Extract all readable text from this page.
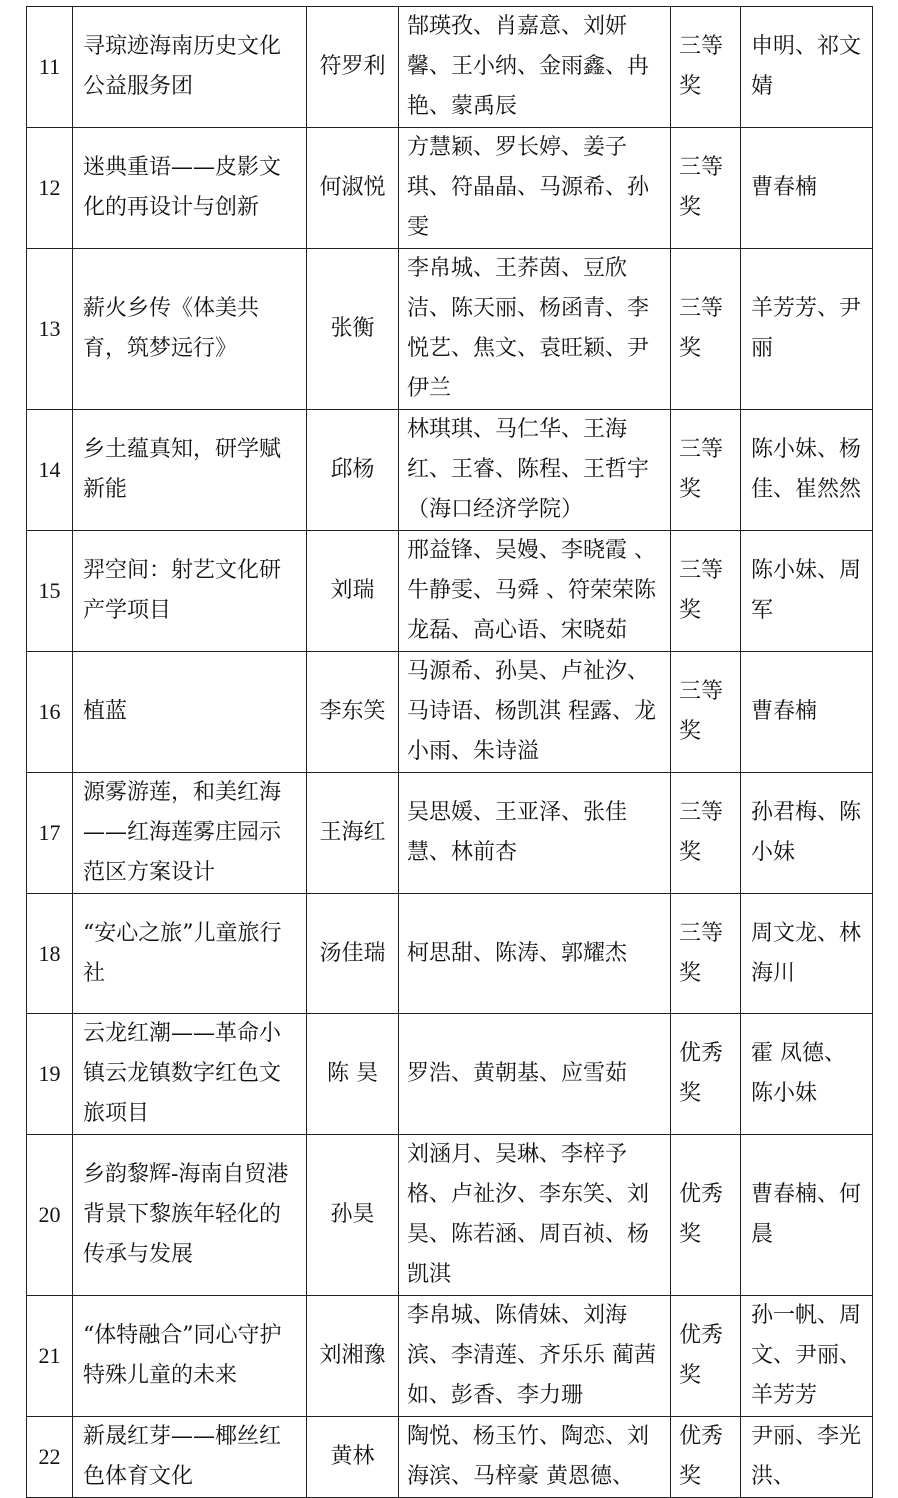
11	寻琼迹海南历史文化公益服务团	符罗利	郜瑛孜、肖嘉意、刘妍馨、王小纳、金雨鑫、冉艳、蒙禹辰	三等奖	申明、祁文婧
12	迷典重语——皮影文化的再设计与创新	何淑悦	方慧颖、罗长婷、姜子琪、符晶晶、马源希、孙雯	三等奖	曹春楠
13	薪火乡传《体美共育，筑梦远行》	张衡	李帛城、王荞茵、豆欣洁、陈天丽、杨函青、李悦艺、焦文、袁旺颖、尹伊兰	三等奖	羊芳芳、尹丽
14	乡土蕴真知，研学赋新能	邱杨	林琪琪、马仁华、王海红、王睿、陈程、王哲宇（海口经济学院）	三等奖	陈小妹、杨佳、崔然然
15	羿空间：射艺文化研产学项目	刘瑞	邢益锋、吴嫚、李晓霞 、牛静雯、马舜 、符荣荣陈龙磊、高心语、宋晓茹	三等奖	陈小妹、周军
16	植蓝	李东笑	马源希、孙昊、卢祉汐、马诗语、杨凯淇 程露、龙小雨、朱诗溢	三等奖	曹春楠
17	源雾游莲，和美红海——红海莲雾庄园示范区方案设计	王海红	吴思媛、王亚泽、张佳慧、林前杏	三等奖	孙君梅、陈小妹
18	“安心之旅”儿童旅行社	汤佳瑞	柯思甜、陈涛、郭耀杰	三等奖	周文龙、林海川
19	云龙红潮——革命小镇云龙镇数字红色文旅项目	陈 昊	罗浩、黄朝基、应雪茹	优秀奖	霍 凤德、陈小妹
20	乡韵黎辉-海南自贸港背景下黎族年轻化的传承与发展	孙昊	刘涵月、吴琳、李梓予格、卢祉汐、李东笑、刘昊、陈若涵、周百祯、杨凯淇	优秀奖	曹春楠、何晨
21	“体特融合”同心守护特殊儿童的未来	刘湘豫	李帛城、陈倩妹、刘海滨、李清莲、齐乐乐 蔺茜如、彭香、李力珊	优秀奖	孙一帆、周文、尹丽、羊芳芳
22	新晟红芽——椰丝红色体育文化	黄林	陶悦、杨玉竹、陶恋、刘海滨、马梓豪 黄恩德、	优秀奖	尹丽、李光洪、
